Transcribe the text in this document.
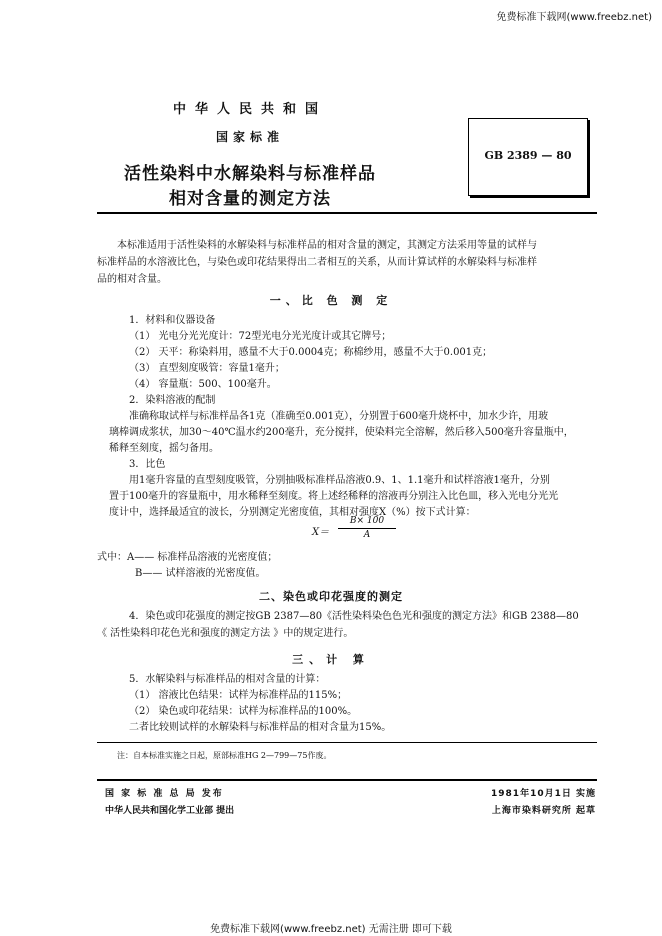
免费标准下载网(www.freebz.net)
中华人民共和国
国家标准
活性染料中水解染料与标准样品
相对含量的测定方法
GB 2389 — 80
本标准适用于活性染料的水解染料与标准样品的相对含量的测定，其测定方法采用等量的试样与
标准样品的水溶液比色，与染色或印花结果得出二者相互的关系，从而计算试样的水解染料与标准样
品的相对含量。
一、比 色 测 定
1．材料和仪器设备
（1） 光电分光光度计：72型光电分光光度计或其它牌号；
（2） 天平：称染料用，感量不大于0.0004克；称棉纱用，感量不大于0.001克；
（3） 直型刻度吸管：容量1毫升；
（4） 容量瓶：500、100毫升。
2．染料溶液的配制
准确称取试样与标准样品各1克（准确至0.001克），分别置于600毫升烧杯中，加水少许，用玻
璃棒调成浆状，加30～40℃温水约200毫升，充分搅拌，使染料完全溶解，然后移入500毫升容量瓶中，
稀释至刻度，摇匀备用。
3．比色
用1毫升容量的直型刻度吸管，分别抽吸标准样品溶液0.9、1、1.1毫升和试样溶液1毫升，分别
置于100毫升的容量瓶中，用水稀释至刻度。将上述经稀释的溶液再分别注入比色皿，移入光电分光光
度计中，选择最适宜的波长，分别测定光密度值，其相对强度X（%）按下式计算：
X＝
B× 100
A
式中：A—— 标准样品溶液的光密度值；
B—— 试样溶液的光密度值。
二、染色或印花强度的测定
4．染色或印花强度的测定按GB 2387—80《活性染料染色色光和强度的测定方法》和GB 2388—80
《 活性染料印花色光和强度的测定方法 》中的规定进行。
三、计 算
5．水解染料与标准样品的相对含量的计算：
（1） 溶液比色结果：试样为标准样品的115%；
（2） 染色或印花结果：试样为标准样品的100%。
二者比较则试样的水解染料与标准样品的相对含量为15%。
注：自本标准实施之日起，原部标准HG 2—799—75作废。
国 家 标 准 总 局 发布
中华人民共和国化学工业部 提出
1981年10月1日 实施
上海市染料研究所 起草
免费标准下载网(www.freebz.net) 无需注册 即可下载
